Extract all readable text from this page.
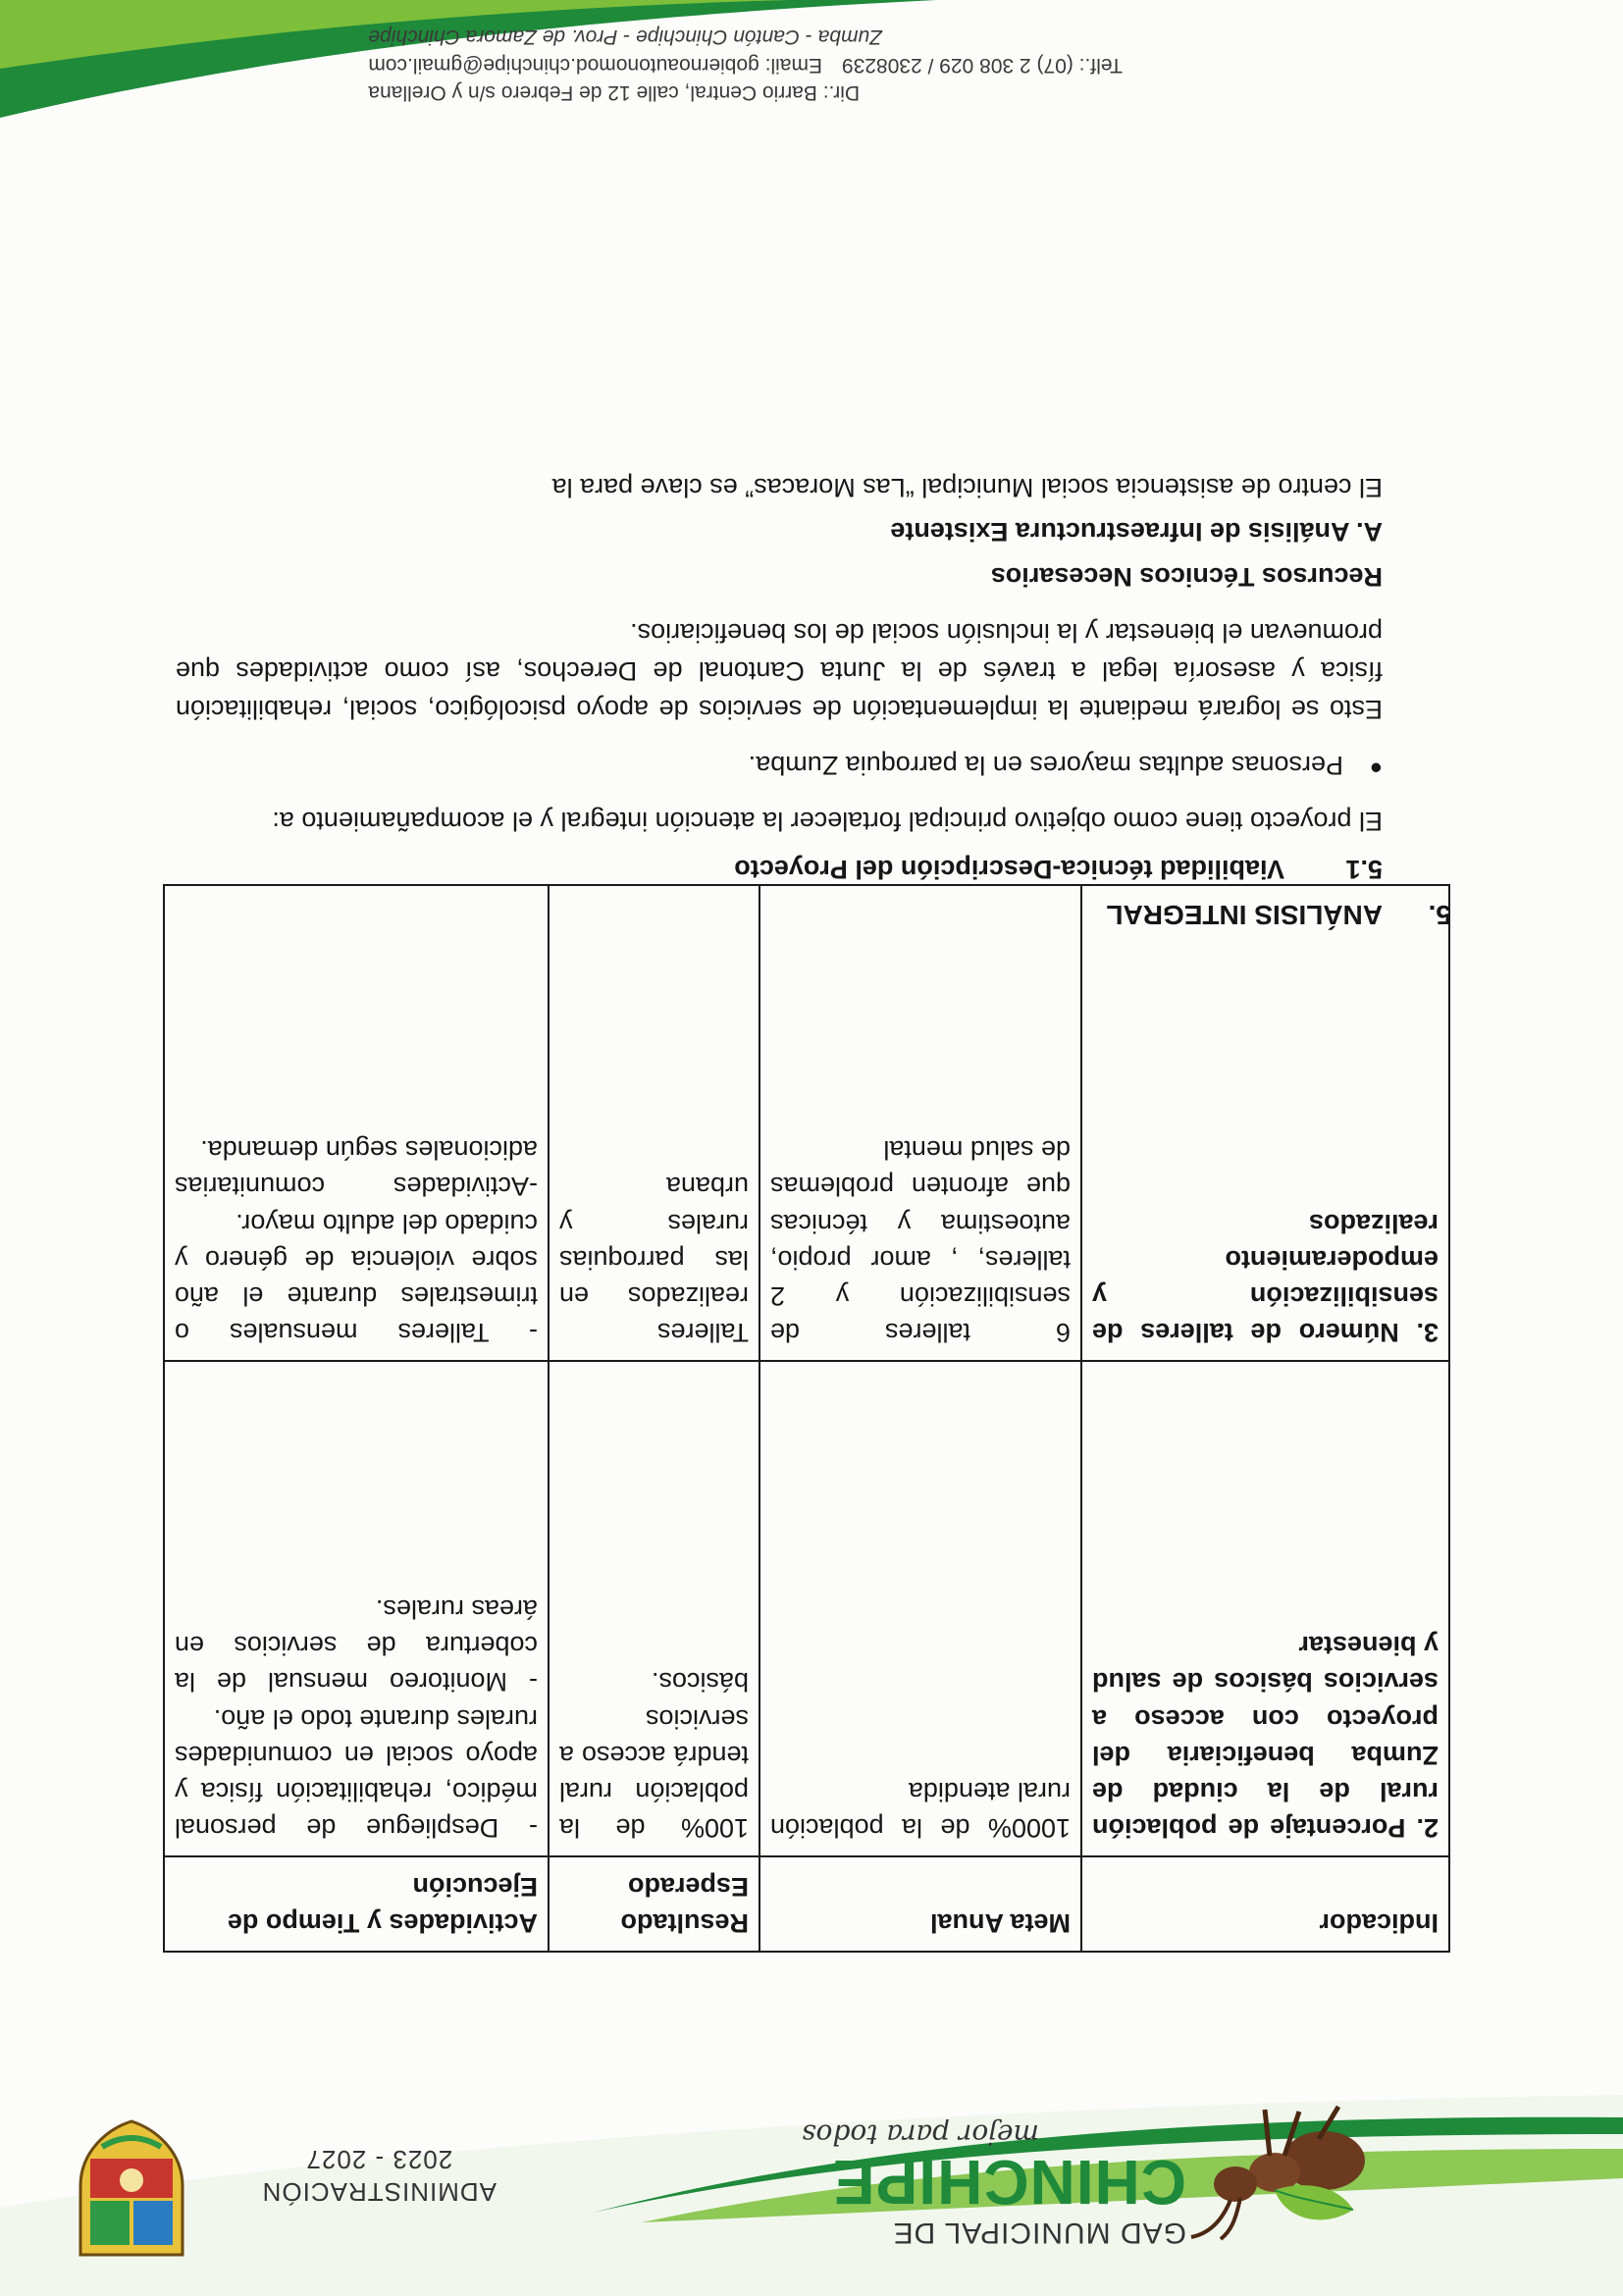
GAD MUNICIPAL DE
CHINCHIPE
mejor para todos
ADMINISTRACIÓN
2023 - 2027
Indicador	Meta Anual	Resultado Esperado	Actividades y Tiempo de Ejecución
2. Porcentaje de población rural de la ciudad de Zumba beneficiaria del proyecto con acceso a servicios básicos de salud y bienestar	1000% de la población rural atendida	100% de la población rural tendrá acceso a servicios básicos.	- Despliegue de personal médico, rehabilitación física y apoyo social en comunidades rurales durante todo el año.
- Monitoreo mensual de la cobertura de servicios en áreas rurales.

3. Número de talleres de sensibilización y empoderamiento realizados	6 talleres de sensibilización y 2 talleres, , amor propio, autoestima y técnicas que afronten problemas de salud mental	Talleres realizados en las parroquias rurales y urbana	- Talleres mensuales o trimestrales durante el año sobre violencia de género y cuidado del adulto mayor.
-Actividades comunitarias adicionales según demanda.
5.ANÁLISIS INTEGRAL
5.1Viabilidad técnica-Descripción del Proyecto

El proyecto tiene como objetivo principal fortalecer la atención integral y el acompañamiento a:

●
Personas adultas mayores en la parroquia Zumba.

Esto se logrará mediante la implementación de servicios de apoyo psicológico, social, rehabilitación física y asesoría legal a través de la Junta Cantonal de Derechos, así como actividades que promuevan el bienestar y la inclusión social de los beneficiarios.

Recursos Técnicos Necesarios
A. Análisis de Infraestructura Existente

El centro de asistencia social Municipal “Las Moracas” es clave para la

Dir.: Barrio Central, calle 12 de Febrero s/n y Orellana
Telf.: (07) 2 308 029 / 2308239Email: gobiernoautonomod.chinchipe@gmail.com
Zumba - Cantón Chinchipe - Prov. de Zamora Chinchipe
